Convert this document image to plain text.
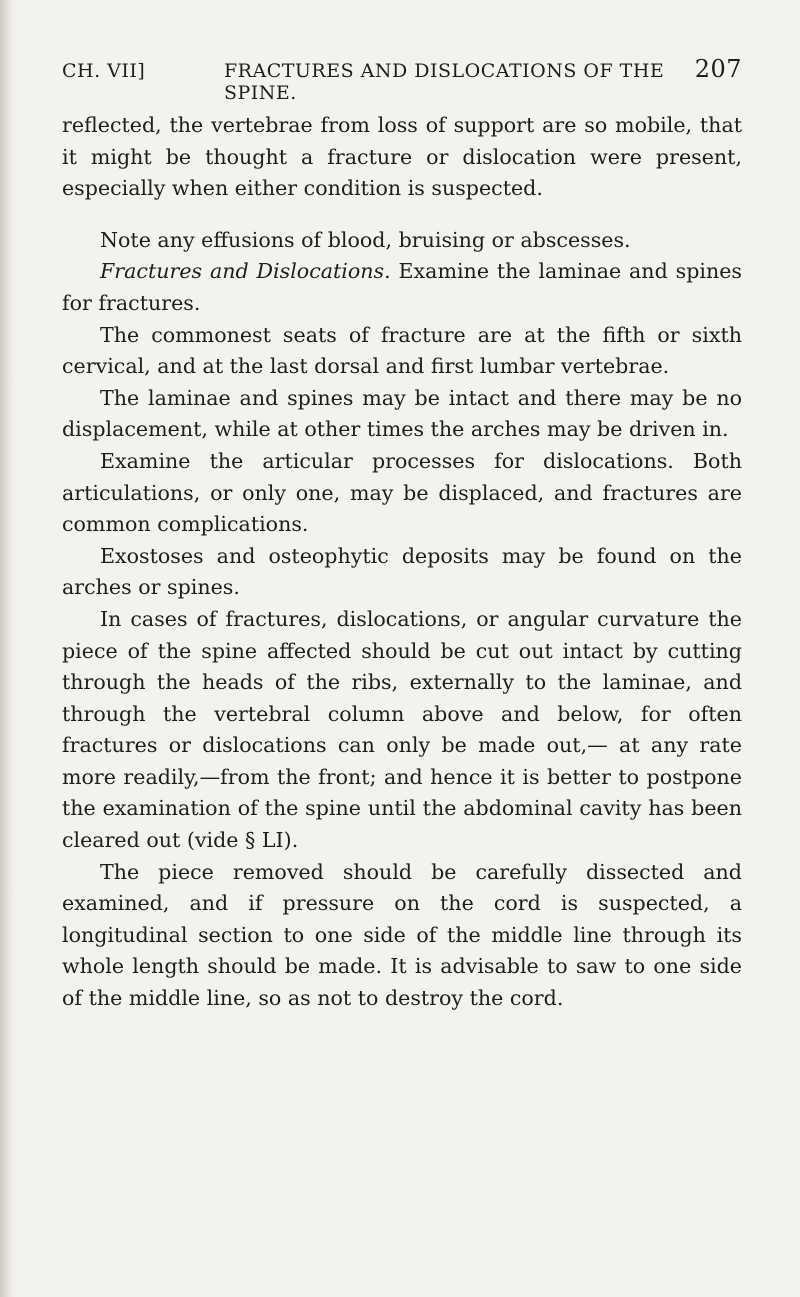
CH. VII]	FRACTURES AND DISLOCATIONS OF THE SPINE.
207

reflected, the vertebrae from loss of support are so mobile, that it might be thought a fracture or dislocation were present, especially when either condition is suspected.

Note any effusions of blood, bruising or abscesses.

Fractures and Dislocations. Examine the laminae and spines for fractures.

The commonest seats of fracture are at the fifth or sixth cervical, and at the last dorsal and first lumbar vertebrae.

The laminae and spines may be intact and there may be no displacement, while at other times the arches may be driven in.

Examine the articular processes for dislocations. Both articulations, or only one, may be displaced, and fractures are common complications.

Exostoses and osteophytic deposits may be found on the arches or spines.

In cases of fractures, dislocations, or angular curvature the piece of the spine affected should be cut out intact by cutting through the heads of the ribs, externally to the laminae, and through the vertebral column above and below, for often fractures or dislocations can only be made out,— at any rate more readily,—from the front; and hence it is better to postpone the examination of the spine until the abdominal cavity has been cleared out (vide § LI).

The piece removed should be carefully dissected and examined, and if pressure on the cord is suspected, a longitudinal section to one side of the middle line through its whole length should be made. It is advisable to saw to one side of the middle line, so as not to destroy the cord.
